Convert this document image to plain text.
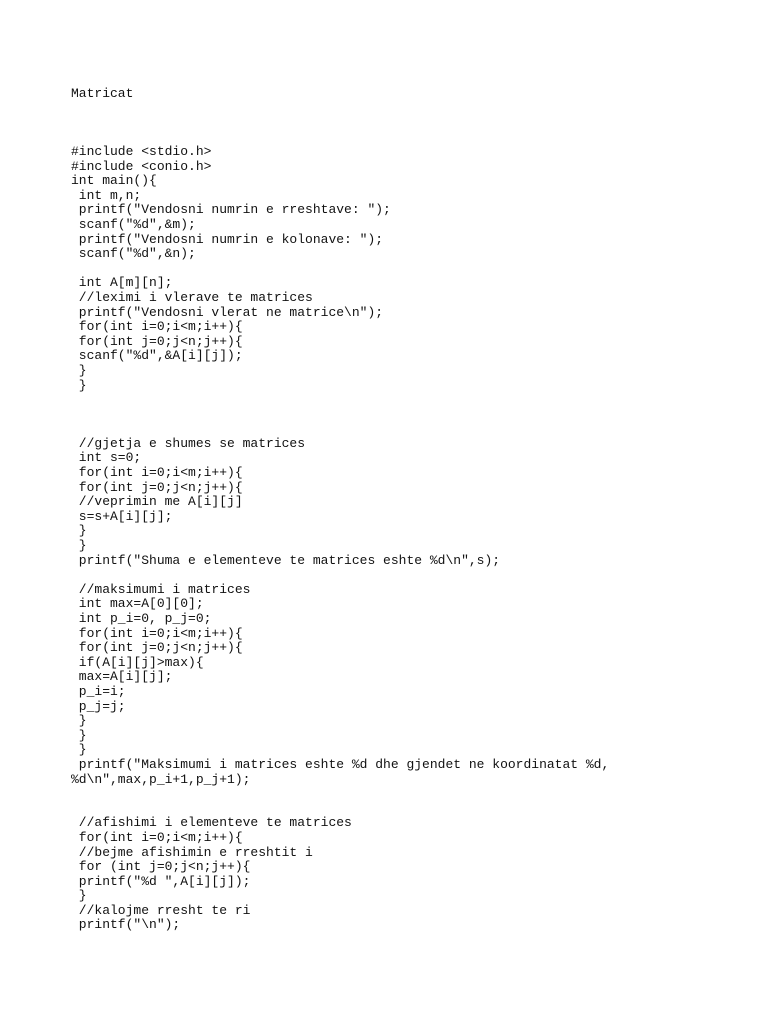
Matricat
#include <stdio.h>
#include <conio.h>
int main(){
int m,n;
printf("Vendosni numrin e rreshtave: ");
scanf("%d",&m);
printf("Vendosni numrin e kolonave: ");
scanf("%d",&n);
int A[m][n];
//leximi i vlerave te matrices
printf("Vendosni vlerat ne matrice\n");
for(int i=0;i<m;i++){
for(int j=0;j<n;j++){
scanf("%d",&A[i][j]);
}
}
//gjetja e shumes se matrices
int s=0;
for(int i=0;i<m;i++){
for(int j=0;j<n;j++){
//veprimin me A[i][j]
s=s+A[i][j];
}
}
printf("Shuma e elementeve te matrices eshte %d\n",s);
//maksimumi i matrices
int max=A[0][0];
int p_i=0, p_j=0;
for(int i=0;i<m;i++){
for(int j=0;j<n;j++){
if(A[i][j]>max){
max=A[i][j];
p_i=i;
p_j=j;
}
}
}
printf("Maksimumi i matrices eshte %d dhe gjendet ne koordinatat %d,
%d\n",max,p_i+1,p_j+1);
//afishimi i elementeve te matrices
for(int i=0;i<m;i++){
//bejme afishimin e rreshtit i
for (int j=0;j<n;j++){
printf("%d ",A[i][j]);
}
//kalojme rresht te ri
printf("\n");
